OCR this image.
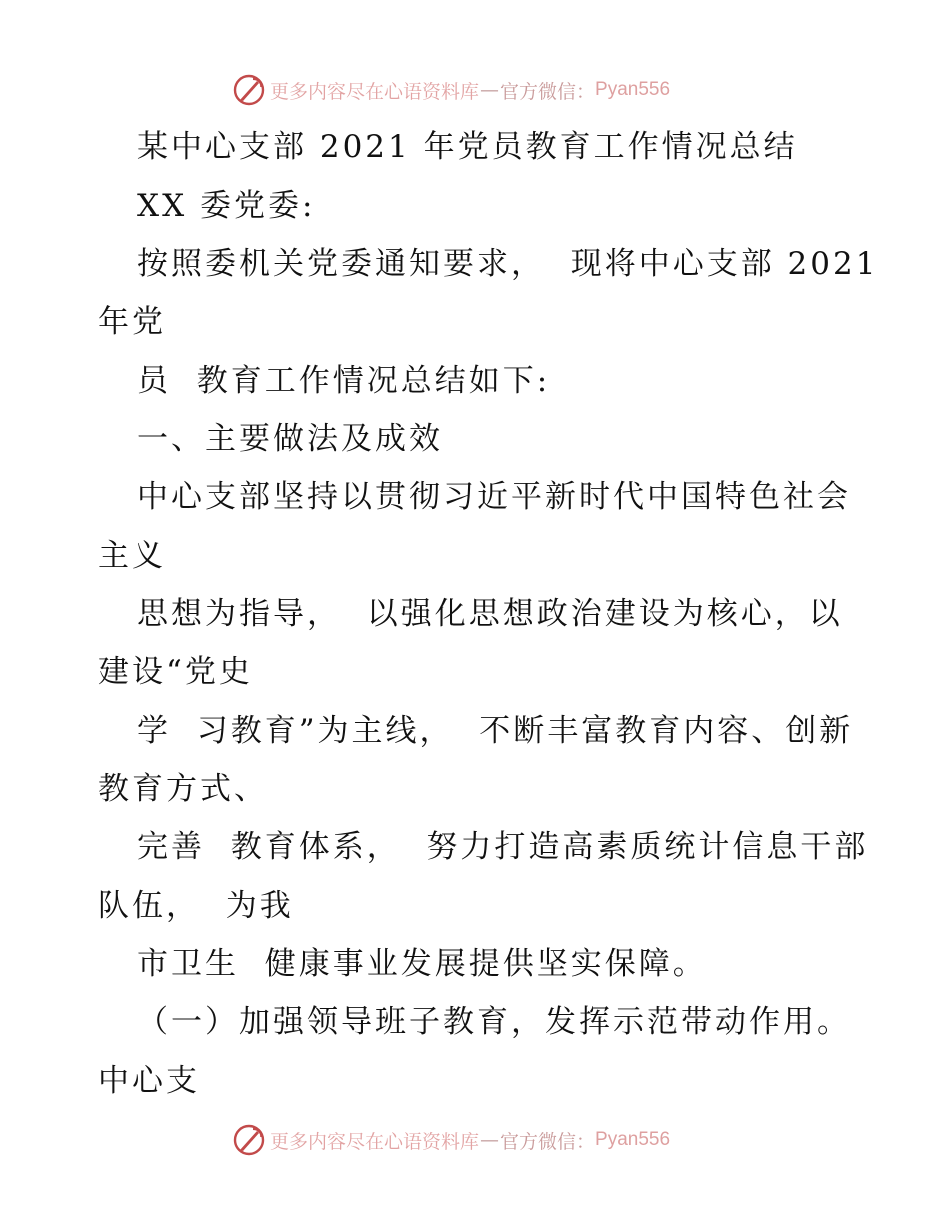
更多内容尽在心语资料库 — 官方微信： Pyan556
某中心支部 2021 年党员教育工作情况总结
XX 委党委:
按照委机关党委通知要求，  现将中心支部 2021
年党
员  教育工作情况总结如下:
一、主要做法及成效
中心支部坚持以贯彻习近平新时代中国特色社会
主义
思想为指导，  以强化思想政治建设为核心，以
建设“党史
学  习教育”为主线，  不断丰富教育内容、创新
教育方式、
完善  教育体系，  努力打造高素质统计信息干部
队伍，  为我
市卫生  健康事业发展提供坚实保障。
（一）加强领导班子教育，发挥示范带动作用。
中心支
更多内容尽在心语资料库 — 官方微信： Pyan556
